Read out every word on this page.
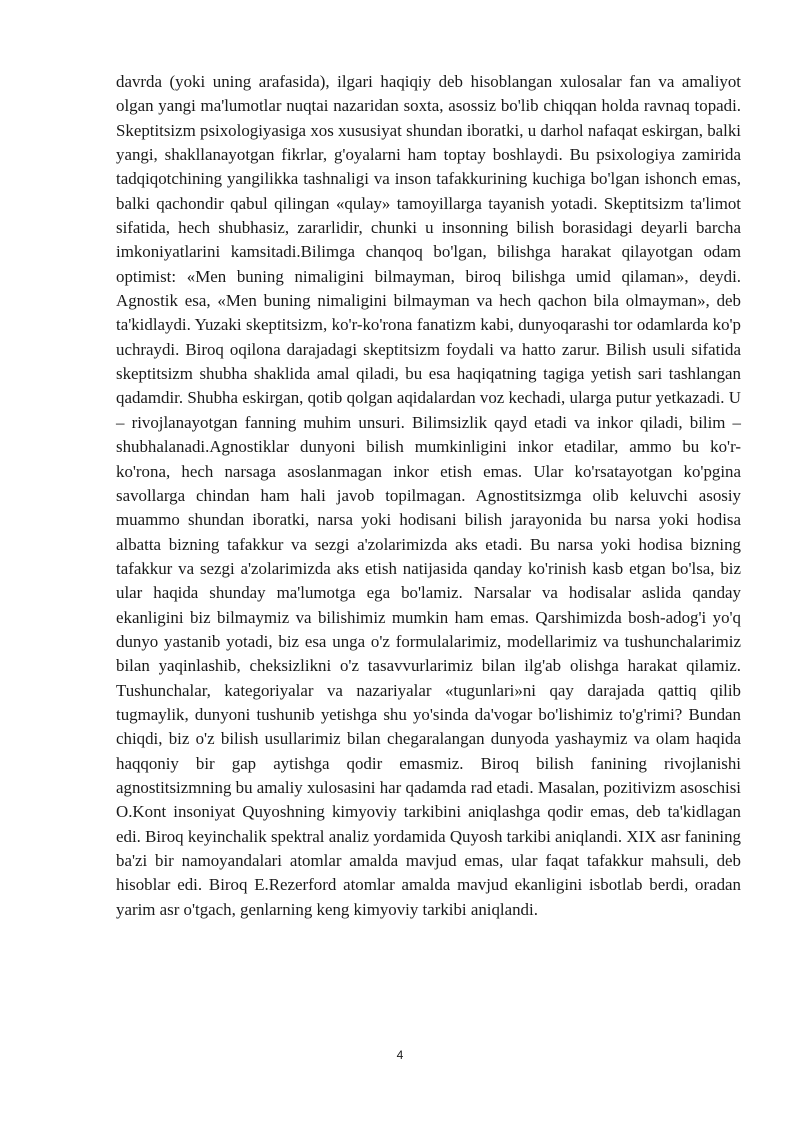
davrda (yoki uning arafasida), ilgari haqiqiy deb hisoblangan xulosalar fan va amaliyot olgan yangi ma'lumotlar nuqtai nazaridan soxta, asossiz bo'lib chiqqan holda ravnaq topadi. Skeptitsizm psixologiyasiga xos xususiyat shundan iboratki, u darhol nafaqat eskirgan, balki yangi, shakllanayotgan fikrlar, g'oyalarni ham toptay boshlaydi. Bu psixologiya zamirida tadqiqotchining yangilikka tashnaligi va inson tafakkurining kuchiga bo'lgan ishonch emas, balki qachondir qabul qilingan «qulay» tamoyillarga tayanish yotadi. Skeptitsizm ta'limot sifatida, hech shubhasiz, zararlidir, chunki u insonning bilish borasidagi deyarli barcha imkoniyatlarini kamsitadi.Bilimga chanqoq bo'lgan, bilishga harakat qilayotgan odam optimist: «Men buning nimaligini bilmayman, biroq bilishga umid qilaman», deydi. Agnostik esa, «Men buning nimaligini bilmayman va hech qachon bila olmayman», deb ta'kidlaydi. Yuzaki skeptitsizm, ko'r-ko'rona fanatizm kabi, dunyoqarashi tor odamlarda ko'p uchraydi. Biroq oqilona darajadagi skeptitsizm foydali va hatto zarur. Bilish usuli sifatida skeptitsizm shubha shaklida amal qiladi, bu esa haqiqatning tagiga yetish sari tashlangan qadamdir. Shubha eskirgan, qotib qolgan aqidalardan voz kechadi, ularga putur yetkazadi. U – rivojlanayotgan fanning muhim unsuri. Bilimsizlik qayd etadi va inkor qiladi, bilim – shubhalanadi.Agnostiklar dunyoni bilish mumkinligini inkor etadilar, ammo bu ko'r-ko'rona, hech narsaga asoslanmagan inkor etish emas. Ular ko'rsatayotgan ko'pgina savollarga chindan ham hali javob topilmagan. Agnostitsizmga olib keluvchi asosiy muammo shundan iboratki, narsa yoki hodisani bilish jarayonida bu narsa yoki hodisa albatta bizning tafakkur va sezgi a'zolarimizda aks etadi. Bu narsa yoki hodisa bizning tafakkur va sezgi a'zolarimizda aks etish natijasida qanday ko'rinish kasb etgan bo'lsa, biz ular haqida shunday ma'lumotga ega bo'lamiz. Narsalar va hodisalar aslida qanday ekanligini biz bilmaymiz va bilishimiz mumkin ham emas. Qarshimizda bosh-adog'i yo'q dunyo yastanib yotadi, biz esa unga o'z formulalarimiz, modellarimiz va tushunchalarimiz bilan yaqinlashib, cheksizlikni o'z tasavvurlarimiz bilan ilg'ab olishga harakat qilamiz. Tushunchalar, kategoriyalar va nazariyalar «tugunlari»ni qay darajada qattiq qilib tugmaylik, dunyoni tushunib yetishga shu yo'sinda da'vogar bo'lishimiz to'g'rimi? Bundan chiqdi, biz o'z bilish usullarimiz bilan chegaralangan dunyoda yashaymiz va olam haqida haqqoniy bir gap aytishga qodir emasmiz. Biroq bilish fanining rivojlanishi agnostitsizmning bu amaliy xulosasini har qadamda rad etadi. Masalan, pozitivizm asoschisi O.Kont insoniyat Quyoshning kimyoviy tarkibini aniqlashga qodir emas, deb ta'kidlagan edi. Biroq keyinchalik spektral analiz yordamida Quyosh tarkibi aniqlandi. XIX asr fanining ba'zi bir namoyandalari atomlar amalda mavjud emas, ular faqat tafakkur mahsuli, deb hisoblar edi. Biroq E.Rezerford atomlar amalda mavjud ekanligini isbotlab berdi, oradan yarim asr o'tgach, genlarning keng kimyoviy tarkibi aniqlandi.

4
